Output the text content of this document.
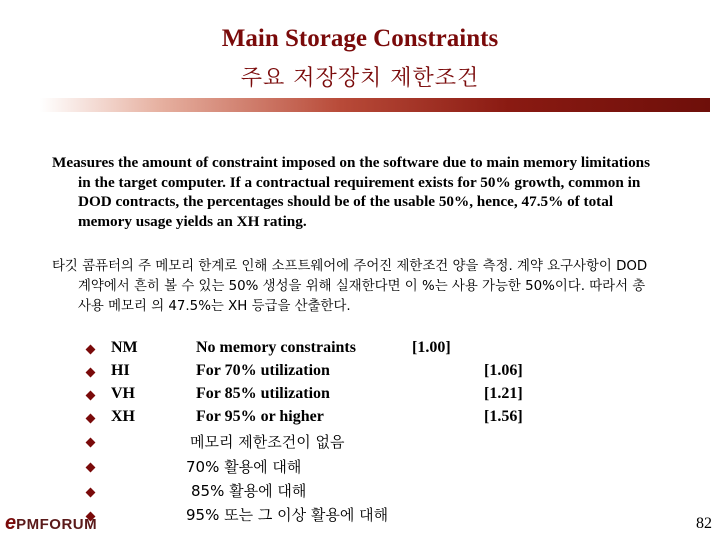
Main Storage Constraints
주요 저장장치 제한조건
Measures the amount of constraint imposed on the software due to main memory limitations in the target computer. If a contractual requirement exists for 50% growth, common in DOD contracts, the percentages should be of the usable 50%, hence, 47.5% of total memory usage yields an XH rating.
타깃 콤퓨터의 주 메모리 한계로 인해 소프트웨어에 주어진 제한조건 양을 측정. 계약 요구사항이 DOD 계약에서 흔히 볼 수 있는 50% 생성을 위해 실재한다면 이 %는 사용 가능한 50%이다. 따라서 총 사용 메모리 의 47.5%는 XH 등급을 산출한다.
NM	No memory constraints	[1.00]
HI	For 70% utilization	[1.06]
VH	For 85% utilization	[1.21]
XH	For 95% or higher	[1.56]
메모리 제한조건이 없음
70% 활용에 대해
85% 활용에 대해
95% 또는 그 이상 활용에 대해
ePMFORUM	82
